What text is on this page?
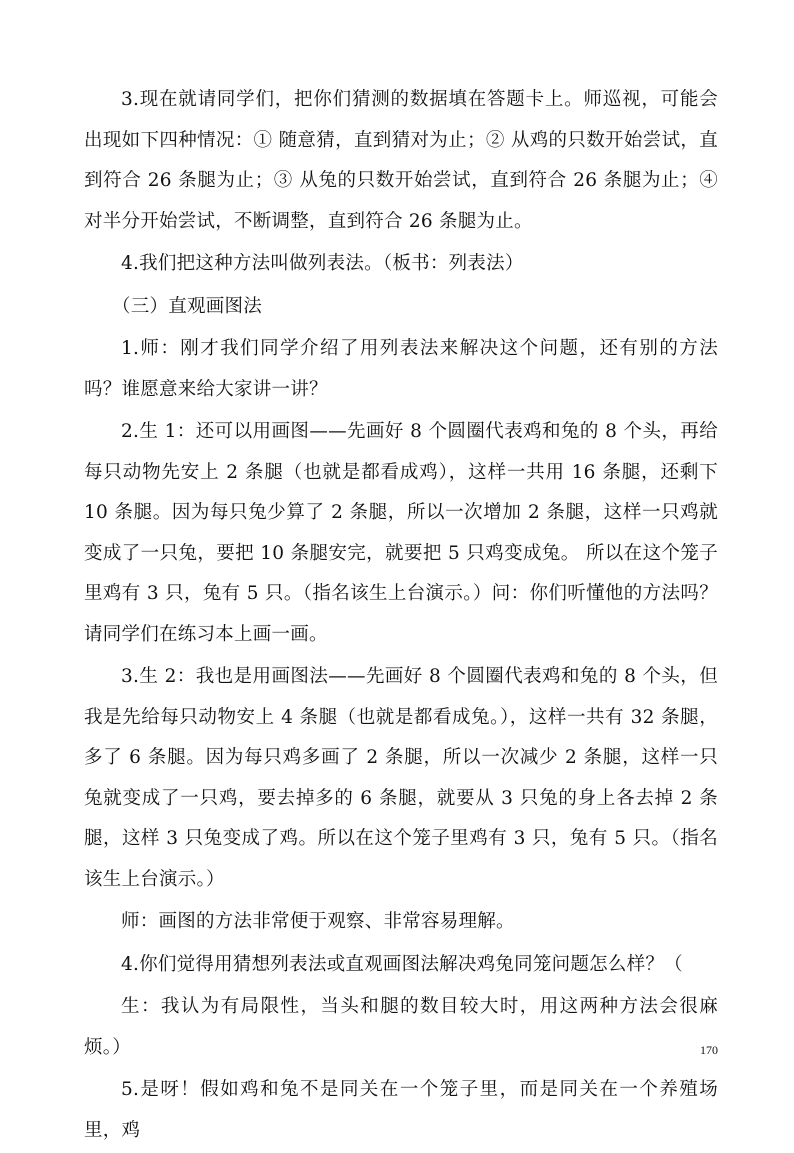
3.现在就请同学们，把你们猜测的数据填在答题卡上。师巡视，可能会出现如下四种情况：① 随意猜，直到猜对为止；② 从鸡的只数开始尝试，直到符合 26 条腿为止；③ 从兔的只数开始尝试，直到符合 26 条腿为止；④ 对半分开始尝试，不断调整，直到符合 26 条腿为止。

4.我们把这种方法叫做列表法。（板书：列表法）

（三）直观画图法

1.师：刚才我们同学介绍了用列表法来解决这个问题，还有别的方法吗？谁愿意来给大家讲一讲？

2.生 1：还可以用画图——先画好 8 个圆圈代表鸡和兔的 8 个头，再给每只动物先安上 2 条腿（也就是都看成鸡），这样一共用 16 条腿，还剩下 10 条腿。因为每只兔少算了 2 条腿，所以一次增加 2 条腿，这样一只鸡就变成了一只兔，要把 10 条腿安完，就要把 5 只鸡变成兔。 所以在这个笼子里鸡有 3 只，兔有 5 只。（指名该生上台演示。）问：你们听懂他的方法吗？请同学们在练习本上画一画。

3.生 2：我也是用画图法——先画好 8 个圆圈代表鸡和兔的 8 个头，但我是先给每只动物安上 4 条腿（也就是都看成兔。），这样一共有 32 条腿，多了 6 条腿。因为每只鸡多画了 2 条腿，所以一次减少 2 条腿，这样一只兔就变成了一只鸡，要去掉多的 6 条腿，就要从 3 只兔的身上各去掉 2 条腿，这样 3 只兔变成了鸡。所以在这个笼子里鸡有 3 只，兔有 5 只。（指名该生上台演示。）

师：画图的方法非常便于观察、非常容易理解。

4.你们觉得用猜想列表法或直观画图法解决鸡兔同笼问题怎么样？（

生：我认为有局限性，当头和腿的数目较大时，用这两种方法会很麻烦。）

5.是呀！假如鸡和兔不是同关在一个笼子里，而是同关在一个养殖场里，鸡

170
